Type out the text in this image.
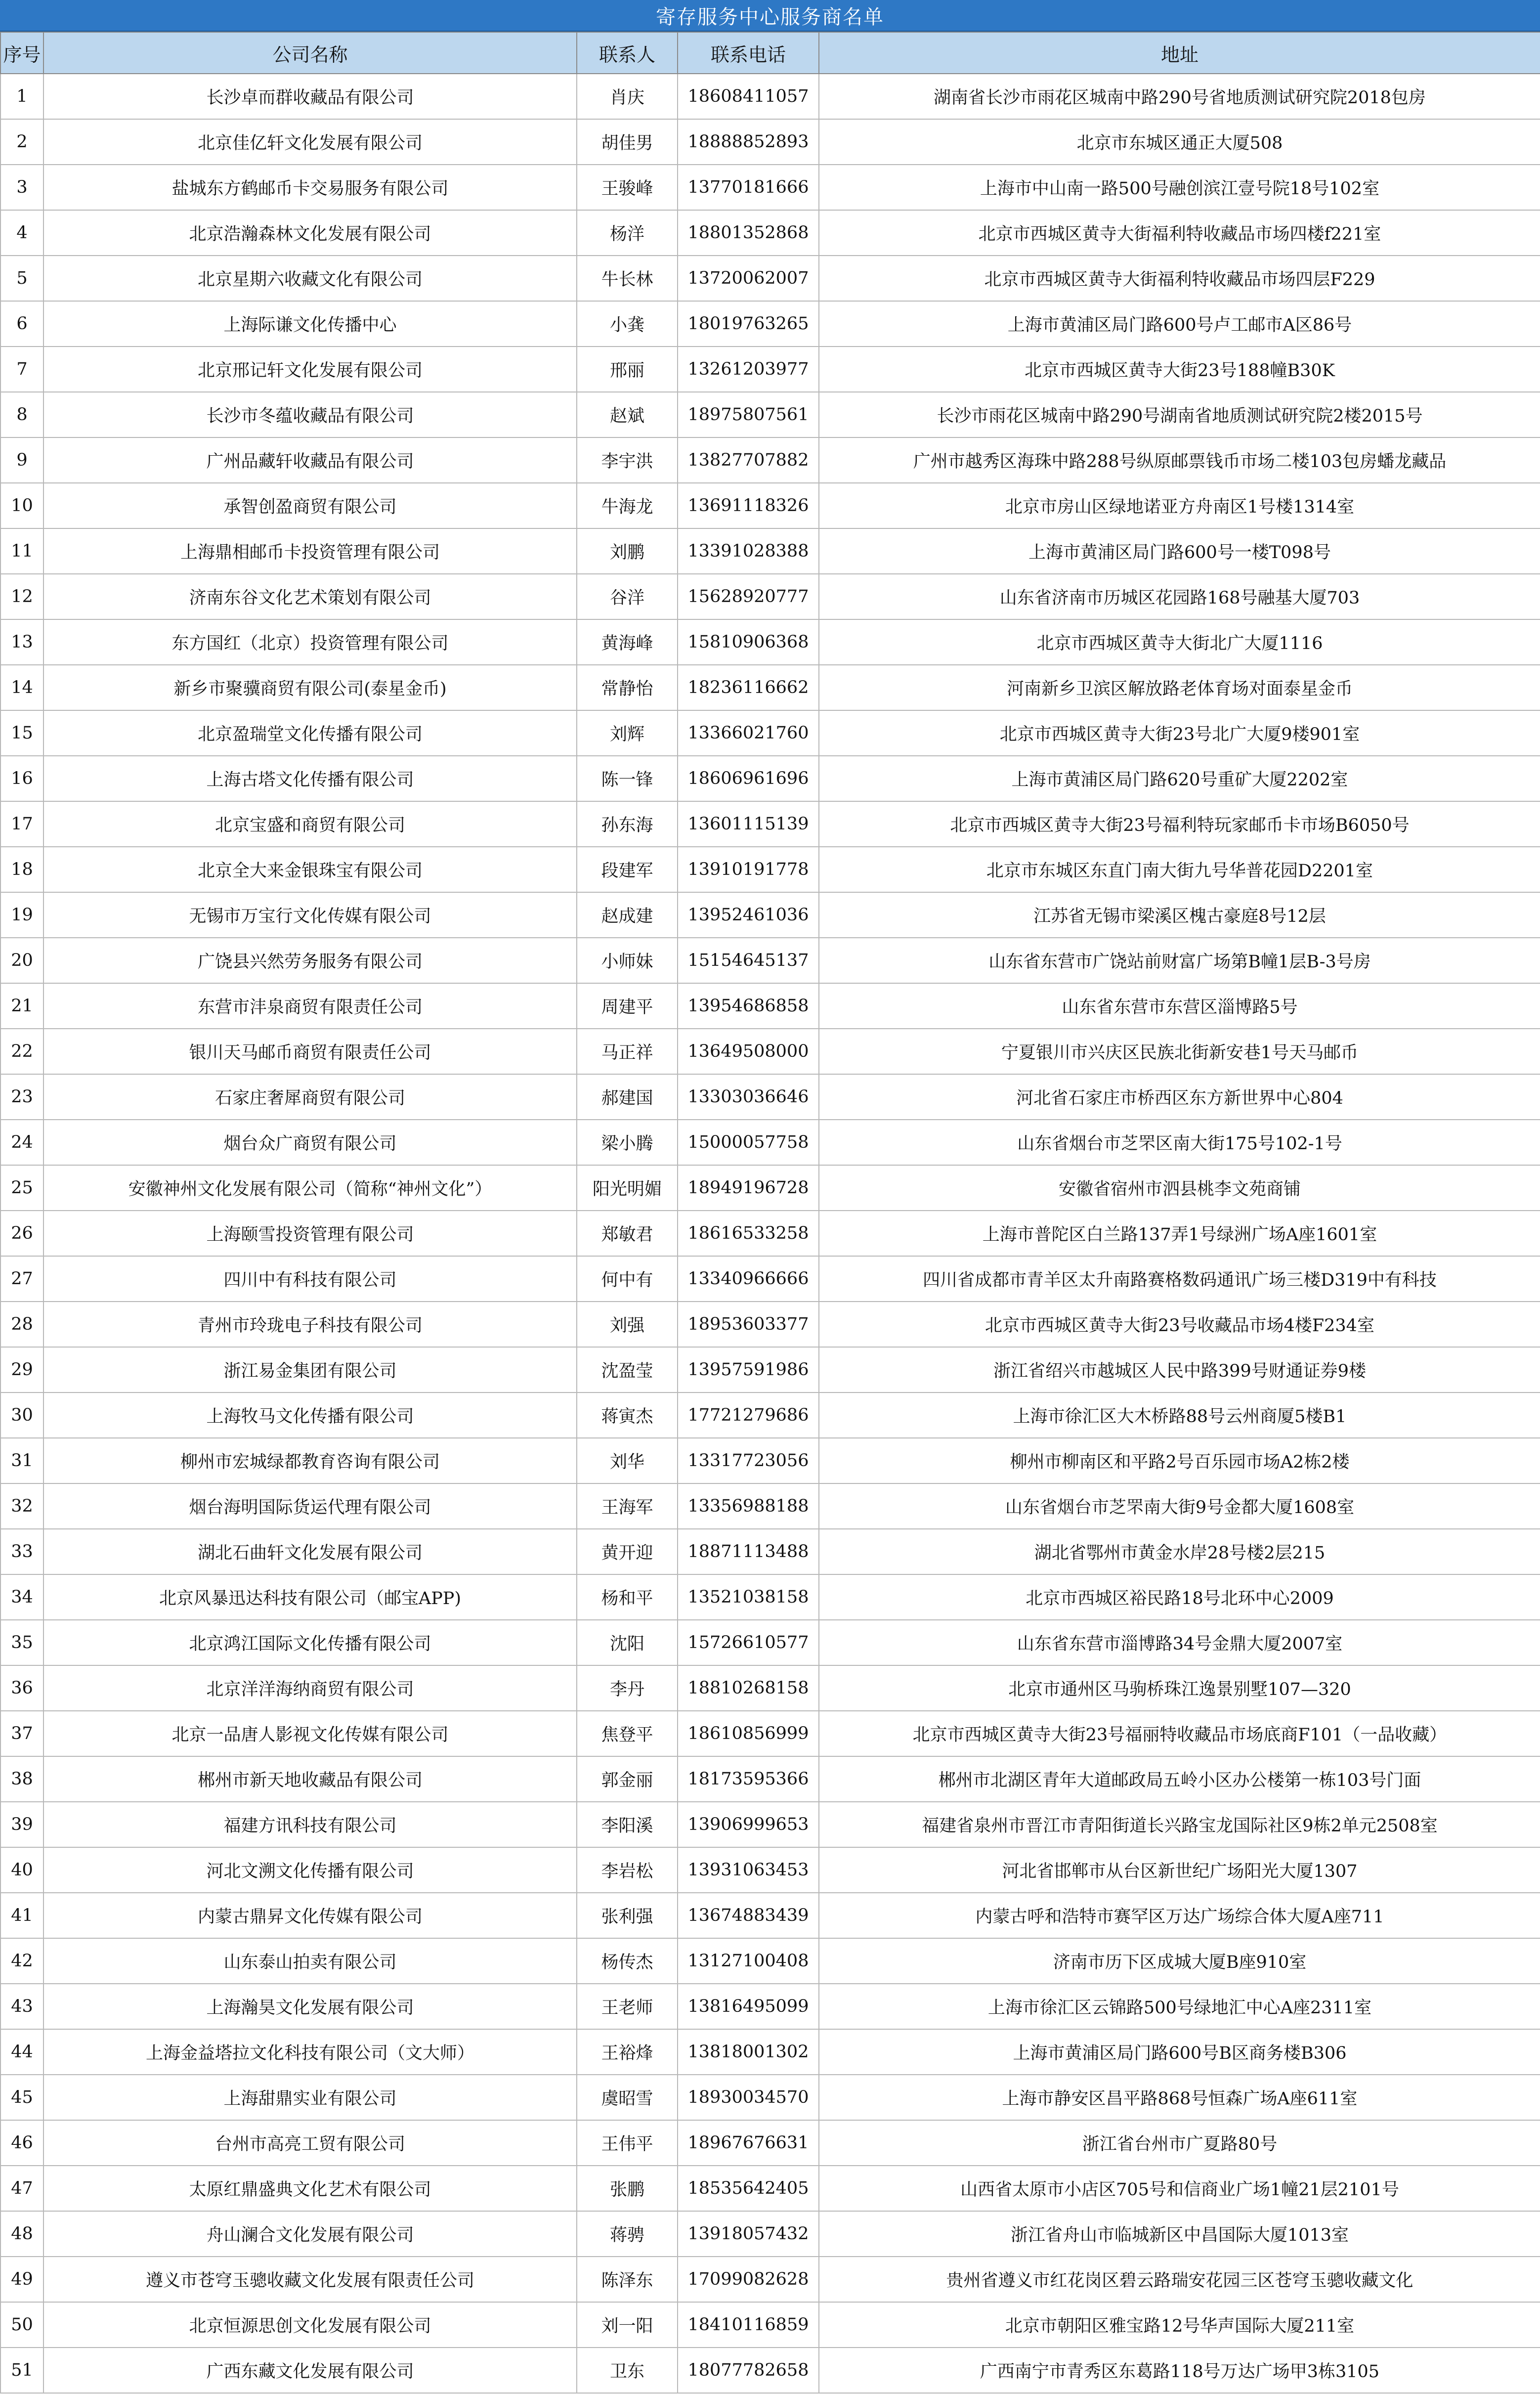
寄存服务中心服务商名单
序号	公司名称	联系人	联系电话	地址
1	长沙卓而群收藏品有限公司	肖庆	18608411057	湖南省长沙市雨花区城南中路290号省地质测试研究院2018包房
2	北京佳亿轩文化发展有限公司	胡佳男	18888852893	北京市东城区通正大厦508
3	盐城东方鹤邮币卡交易服务有限公司	王骏峰	13770181666	上海市中山南一路500号融创滨江壹号院18号102室
4	北京浩瀚森林文化发展有限公司	杨洋	18801352868	北京市西城区黄寺大街福利特收藏品市场四楼f221室
5	北京星期六收藏文化有限公司	牛长林	13720062007	北京市西城区黄寺大街福利特收藏品市场四层F229
6	上海际谦文化传播中心	小龚	18019763265	上海市黄浦区局门路600号卢工邮市A区86号
7	北京邢记轩文化发展有限公司	邢丽	13261203977	北京市西城区黄寺大街23号188幢B30K
8	长沙市冬蕴收藏品有限公司	赵斌	18975807561	长沙市雨花区城南中路290号湖南省地质测试研究院2楼2015号
9	广州品藏轩收藏品有限公司	李宇洪	13827707882	广州市越秀区海珠中路288号纵原邮票钱币市场二楼103包房蟠龙藏品
10	承智创盈商贸有限公司	牛海龙	13691118326	北京市房山区绿地诺亚方舟南区1号楼1314室
11	上海鼎相邮币卡投资管理有限公司	刘鹏	13391028388	上海市黄浦区局门路600号一楼T098号
12	济南东谷文化艺术策划有限公司	谷洋	15628920777	山东省济南市历城区花园路168号融基大厦703
13	东方国红（北京）投资管理有限公司	黄海峰	15810906368	北京市西城区黄寺大街北广大厦1116
14	新乡市聚骥商贸有限公司(泰星金币)	常静怡	18236116662	河南新乡卫滨区解放路老体育场对面泰星金币
15	北京盈瑞堂文化传播有限公司	刘辉	13366021760	北京市西城区黄寺大街23号北广大厦9楼901室
16	上海古塔文化传播有限公司	陈一锋	18606961696	上海市黄浦区局门路620号重矿大厦2202室
17	北京宝盛和商贸有限公司	孙东海	13601115139	北京市西城区黄寺大街23号福利特玩家邮币卡市场B6050号
18	北京全大来金银珠宝有限公司	段建军	13910191778	北京市东城区东直门南大街九号华普花园D2201室
19	无锡市万宝行文化传媒有限公司	赵成建	13952461036	江苏省无锡市梁溪区槐古豪庭8号12层
20	广饶县兴然劳务服务有限公司	小师妹	15154645137	山东省东营市广饶站前财富广场第B幢1层B-3号房
21	东营市沣泉商贸有限责任公司	周建平	13954686858	山东省东营市东营区淄博路5号
22	银川天马邮币商贸有限责任公司	马正祥	13649508000	宁夏银川市兴庆区民族北街新安巷1号天马邮币
23	石家庄奢犀商贸有限公司	郝建国	13303036646	河北省石家庄市桥西区东方新世界中心804
24	烟台众广商贸有限公司	梁小腾	15000057758	山东省烟台市芝罘区南大街175号102-1号
25	安徽神州文化发展有限公司（简称“神州文化”）	阳光明媚	18949196728	安徽省宿州市泗县桃李文苑商铺
26	上海颐雪投资管理有限公司	郑敏君	18616533258	上海市普陀区白兰路137弄1号绿洲广场A座1601室
27	四川中有科技有限公司	何中有	13340966666	四川省成都市青羊区太升南路赛格数码通讯广场三楼D319中有科技
28	青州市玲珑电子科技有限公司	刘强	18953603377	北京市西城区黄寺大街23号收藏品市场4楼F234室
29	浙江易金集团有限公司	沈盈莹	13957591986	浙江省绍兴市越城区人民中路399号财通证券9楼
30	上海牧马文化传播有限公司	蒋寅杰	17721279686	上海市徐汇区大木桥路88号云州商厦5楼B1
31	柳州市宏城绿都教育咨询有限公司	刘华	13317723056	柳州市柳南区和平路2号百乐园市场A2栋2楼
32	烟台海明国际货运代理有限公司	王海军	13356988188	山东省烟台市芝罘南大街9号金都大厦1608室
33	湖北石曲轩文化发展有限公司	黄开迎	18871113488	湖北省鄂州市黄金水岸28号楼2层215
34	北京风暴迅达科技有限公司（邮宝APP)	杨和平	13521038158	北京市西城区裕民路18号北环中心2009
35	北京鸿江国际文化传播有限公司	沈阳	15726610577	山东省东营市淄博路34号金鼎大厦2007室
36	北京洋洋海纳商贸有限公司	李丹	18810268158	北京市通州区马驹桥珠江逸景别墅107—320
37	北京一品唐人影视文化传媒有限公司	焦登平	18610856999	北京市西城区黄寺大街23号福丽特收藏品市场底商F101（一品收藏）
38	郴州市新天地收藏品有限公司	郭金丽	18173595366	郴州市北湖区青年大道邮政局五岭小区办公楼第一栋103号门面
39	福建方讯科技有限公司	李阳溪	13906999653	福建省泉州市晋江市青阳街道长兴路宝龙国际社区9栋2单元2508室
40	河北文溯文化传播有限公司	李岩松	13931063453	河北省邯郸市从台区新世纪广场阳光大厦1307
41	内蒙古鼎昇文化传媒有限公司	张利强	13674883439	内蒙古呼和浩特市赛罕区万达广场综合体大厦A座711
42	山东泰山拍卖有限公司	杨传杰	13127100408	济南市历下区成城大厦B座910室
43	上海瀚昊文化发展有限公司	王老师	13816495099	上海市徐汇区云锦路500号绿地汇中心A座2311室
44	上海金益塔拉文化科技有限公司（文大师）	王裕烽	13818001302	上海市黄浦区局门路600号B区商务楼B306
45	上海甜鼎实业有限公司	虞昭雪	18930034570	上海市静安区昌平路868号恒森广场A座611室
46	台州市高亮工贸有限公司	王伟平	18967676631	浙江省台州市广夏路80号
47	太原红鼎盛典文化艺术有限公司	张鹏	18535642405	山西省太原市小店区705号和信商业广场1幢21层2101号
48	舟山澜合文化发展有限公司	蒋骋	13918057432	浙江省舟山市临城新区中昌国际大厦1013室
49	遵义市苍穹玉骢收藏文化发展有限责任公司	陈泽东	17099082628	贵州省遵义市红花岗区碧云路瑞安花园三区苍穹玉骢收藏文化
50	北京恒源思创文化发展有限公司	刘一阳	18410116859	北京市朝阳区雅宝路12号华声国际大厦211室
51	广西东藏文化发展有限公司	卫东	18077782658	广西南宁市青秀区东葛路118号万达广场甲3栋3105
